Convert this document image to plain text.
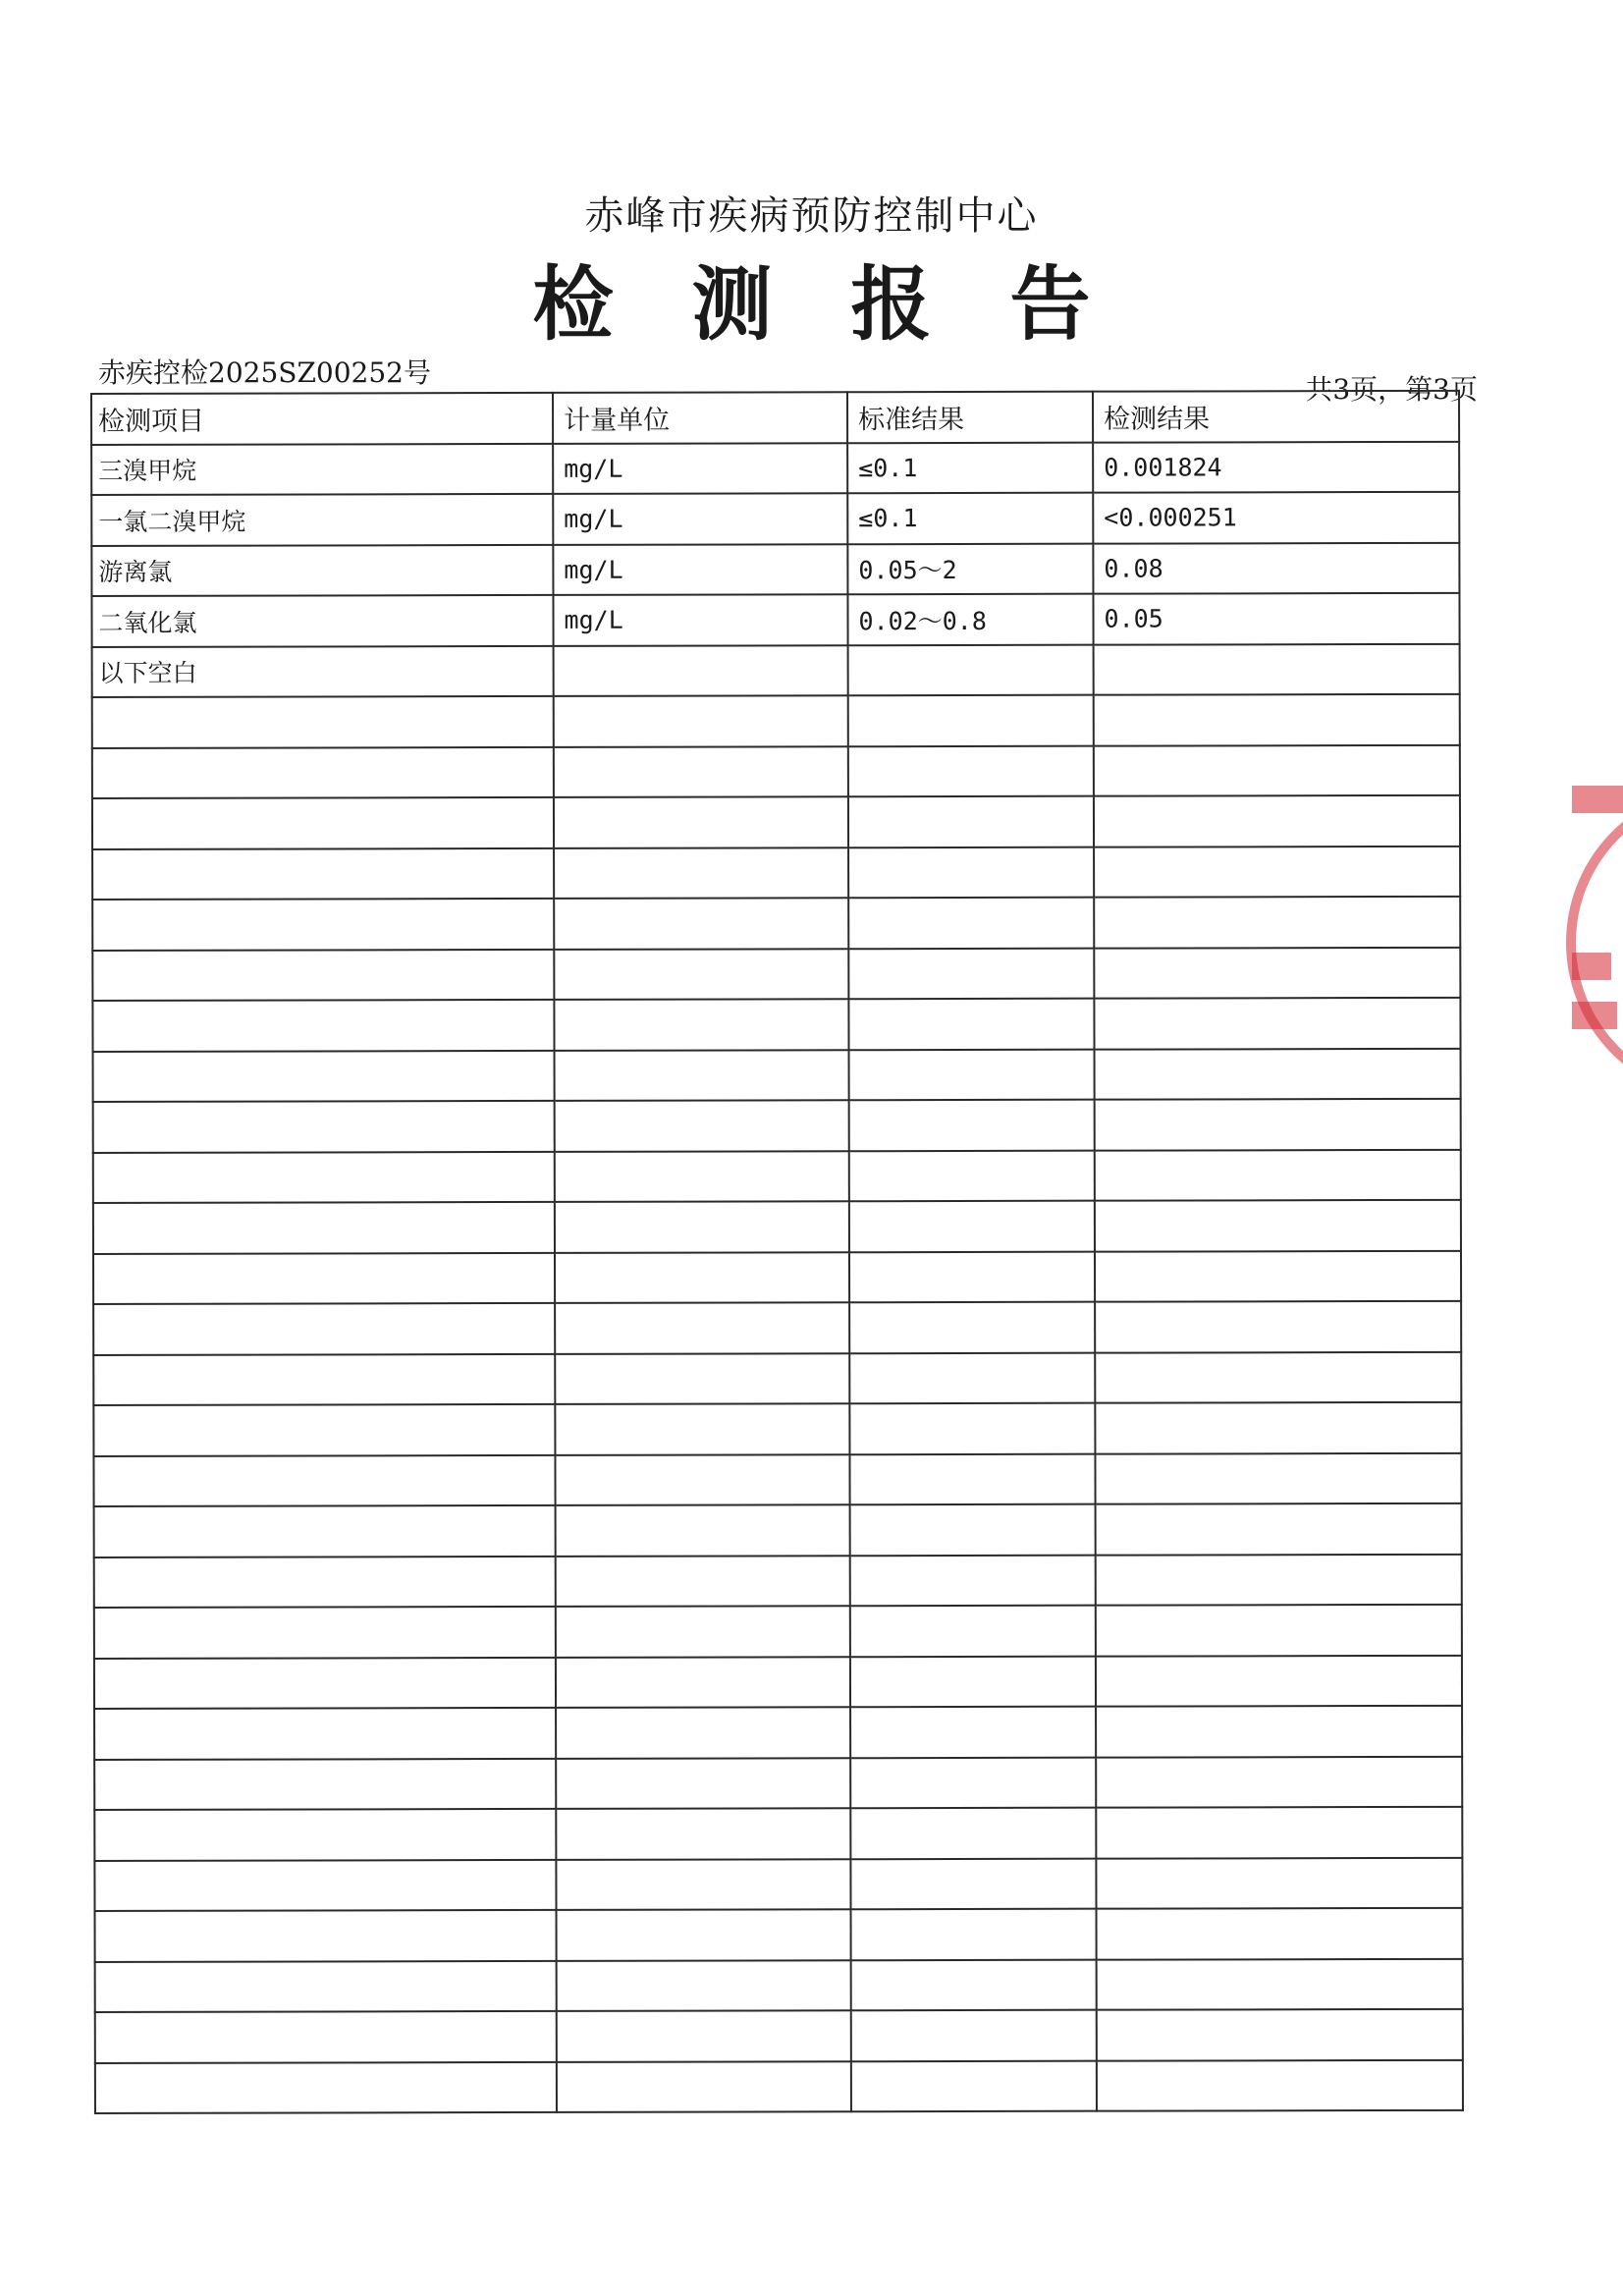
赤峰市疾病预防控制中心
检 测 报 告
赤疾控检2025SZ00252号
共3页，第3页
检测项目	计量单位	标准结果	检测结果
三溴甲烷	mg/L	≤0.1	0.001824
一氯二溴甲烷	mg/L	≤0.1	<0.000251
游离氯	mg/L	0.05～2	0.08
二氧化氯	mg/L	0.02～0.8	0.05
以下空白			
